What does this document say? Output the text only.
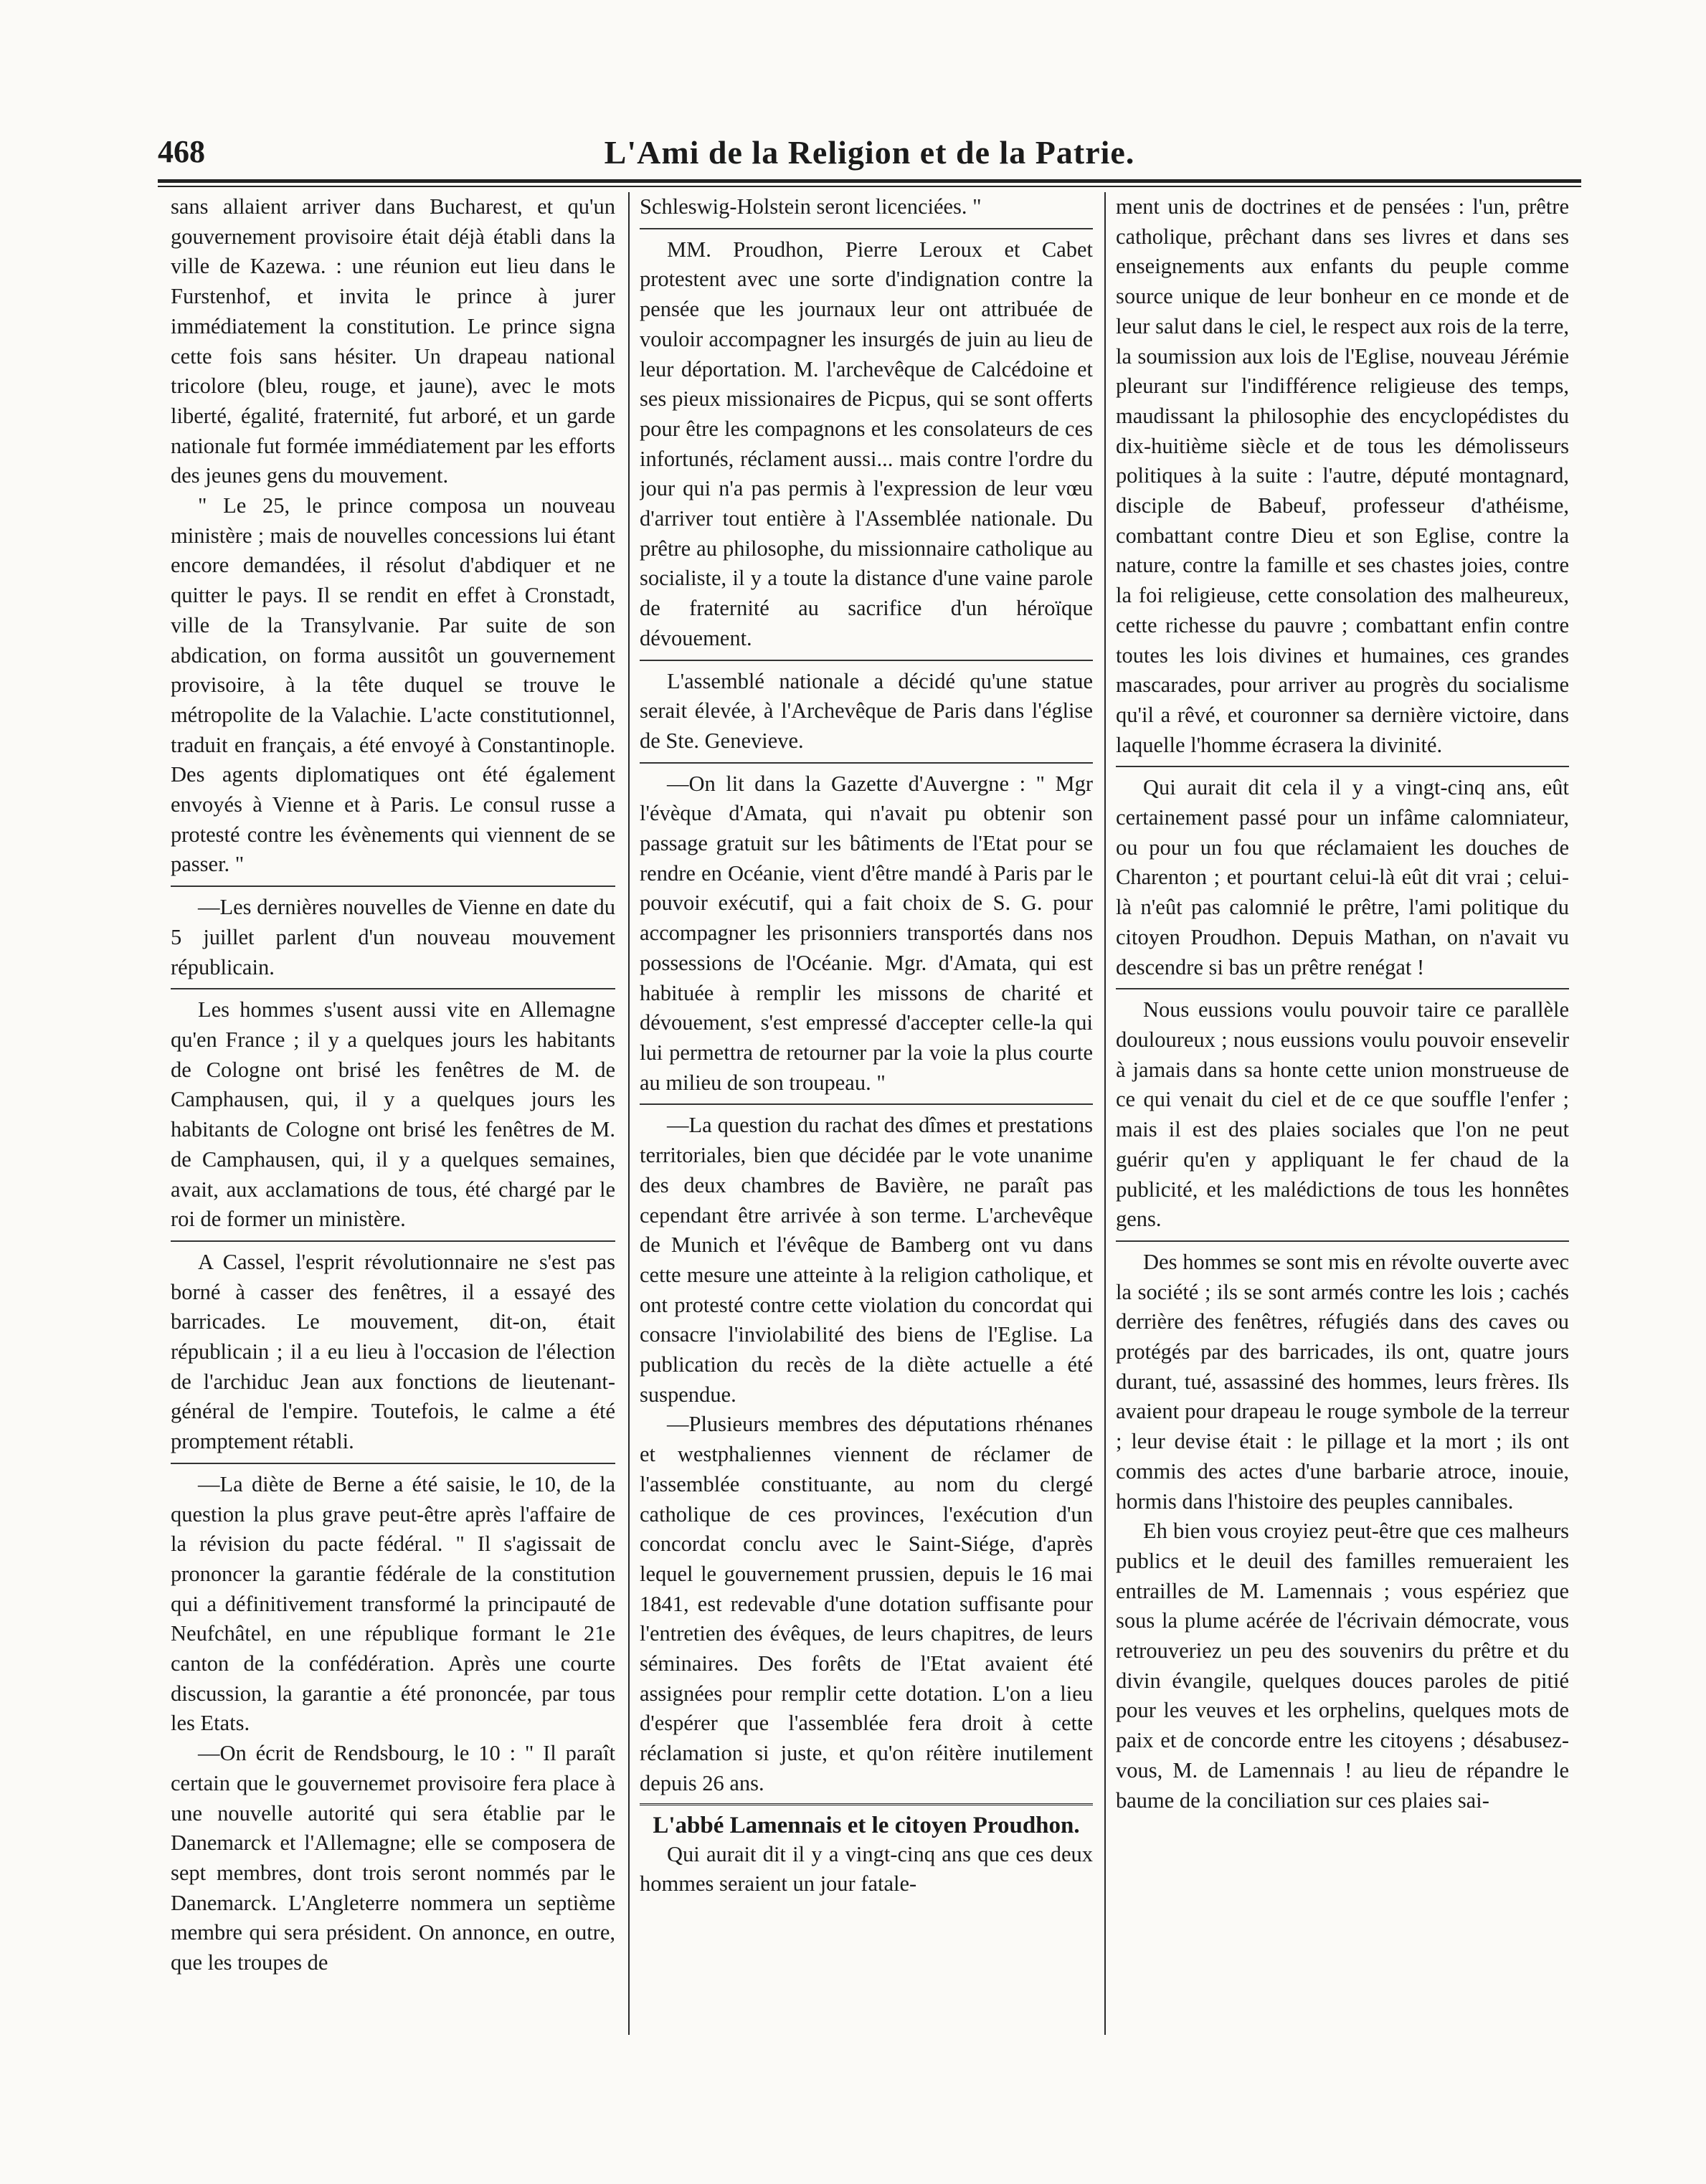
468	L'Ami de la Religion et de la Patrie.

sans allaient arriver dans Bucharest, et qu'un gouvernement provisoire était déjà établi dans la ville de Kazewa. : une réunion eut lieu dans le Furstenhof, et invita le prince à jurer immédiatement la constitution. Le prince signa cette fois sans hésiter. Un drapeau national tricolore (bleu, rouge, et jaune), avec le mots liberté, égalité, fraternité, fut arboré, et un garde nationale fut formée immédiatement par les efforts des jeunes gens du mouvement.

" Le 25, le prince composa un nouveau ministère ; mais de nouvelles concessions lui étant encore demandées, il résolut d'abdiquer et ne quitter le pays. Il se rendit en effet à Cronstadt, ville de la Transylvanie. Par suite de son abdication, on forma aussitôt un gouvernement provisoire, à la tête duquel se trouve le métropolite de la Valachie. L'acte constitutionnel, traduit en français, a été envoyé à Constantinople. Des agents diplomatiques ont été également envoyés à Vienne et à Paris. Le consul russe a protesté contre les évènements qui viennent de se passer. "

—Les dernières nouvelles de Vienne en date du 5 juillet parlent d'un nouveau mouvement républicain.

Les hommes s'usent aussi vite en Allemagne qu'en France ; il y a quelques jours les habitants de Cologne ont brisé les fenêtres de M. de Camphausen, qui, il y a quelques jours les habitants de Cologne ont brisé les fenêtres de M. de Camphausen, qui, il y a quelques semaines, avait, aux acclamations de tous, été chargé par le roi de former un ministère.

A Cassel, l'esprit révolutionnaire ne s'est pas borné à casser des fenêtres, il a essayé des barricades. Le mouvement, dit-on, était républicain ; il a eu lieu à l'occasion de l'élection de l'archiduc Jean aux fonctions de lieutenant-général de l'empire. Toutefois, le calme a été promptement rétabli.

—La diète de Berne a été saisie, le 10, de la question la plus grave peut-être après l'affaire de la révision du pacte fédéral. " Il s'agissait de prononcer la garantie fédérale de la constitution qui a définitivement transformé la principauté de Neufchâtel, en une république formant le 21e canton de la confédération. Après une courte discussion, la garantie a été prononcée, par tous les Etats.

—On écrit de Rendsbourg, le 10 : " Il paraît certain que le gouvernemet provisoire fera place à une nouvelle autorité qui sera établie par le Danemarck et l'Allemagne; elle se composera de sept membres, dont trois seront nommés par le Danemarck. L'Angleterre nommera un septième membre qui sera président. On annonce, en outre, que les troupes de

Schleswig-Holstein seront licenciées. "

MM. Proudhon, Pierre Leroux et Cabet protestent avec une sorte d'indignation contre la pensée que les journaux leur ont attribuée de vouloir accompagner les insurgés de juin au lieu de leur déportation. M. l'archevêque de Calcédoine et ses pieux missionaires de Picpus, qui se sont offerts pour être les compagnons et les consolateurs de ces infortunés, réclament aussi... mais contre l'ordre du jour qui n'a pas permis à l'expression de leur vœu d'arriver tout entière à l'Assemblée nationale. Du prêtre au philosophe, du missionnaire catholique au socialiste, il y a toute la distance d'une vaine parole de fraternité au sacrifice d'un héroïque dévouement.

L'assemblé nationale a décidé qu'une statue serait élevée, à l'Archevêque de Paris dans l'église de Ste. Genevieve.

—On lit dans la Gazette d'Auvergne : " Mgr l'évèque d'Amata, qui n'avait pu obtenir son passage gratuit sur les bâtiments de l'Etat pour se rendre en Océanie, vient d'être mandé à Paris par le pouvoir exécutif, qui a fait choix de S. G. pour accompagner les prisonniers transportés dans nos possessions de l'Océanie. Mgr. d'Amata, qui est habituée à remplir les missons de charité et dévouement, s'est empressé d'accepter celle-la qui lui permettra de retourner par la voie la plus courte au milieu de son troupeau. "

—La question du rachat des dîmes et prestations territoriales, bien que décidée par le vote unanime des deux chambres de Bavière, ne paraît pas cependant être arrivée à son terme. L'archevêque de Munich et l'évêque de Bamberg ont vu dans cette mesure une atteinte à la religion catholique, et ont protesté contre cette violation du concordat qui consacre l'inviolabilité des biens de l'Eglise. La publication du recès de la diète actuelle a été suspendue.

—Plusieurs membres des députations rhénanes et westphaliennes viennent de réclamer de l'assemblée constituante, au nom du clergé catholique de ces provinces, l'exécution d'un concordat conclu avec le Saint-Siége, d'après lequel le gouvernement prussien, depuis le 16 mai 1841, est redevable d'une dotation suffisante pour l'entretien des évêques, de leurs chapitres, de leurs séminaires. Des forêts de l'Etat avaient été assignées pour remplir cette dotation. L'on a lieu d'espérer que l'assemblée fera droit à cette réclamation si juste, et qu'on réitère inutilement depuis 26 ans.

L'abbé Lamennais et le citoyen Proudhon.

Qui aurait dit il y a vingt-cinq ans que ces deux hommes seraient un jour fatale-

ment unis de doctrines et de pensées : l'un, prêtre catholique, prêchant dans ses livres et dans ses enseignements aux enfants du peuple comme source unique de leur bonheur en ce monde et de leur salut dans le ciel, le respect aux rois de la terre, la soumission aux lois de l'Eglise, nouveau Jérémie pleurant sur l'indifférence religieuse des temps, maudissant la philosophie des encyclopédistes du dix-huitième siècle et de tous les démolisseurs politiques à la suite : l'autre, député montagnard, disciple de Babeuf, professeur d'athéisme, combattant contre Dieu et son Eglise, contre la nature, contre la famille et ses chastes joies, contre la foi religieuse, cette consolation des malheureux, cette richesse du pauvre ; combattant enfin contre toutes les lois divines et humaines, ces grandes mascarades, pour arriver au progrès du socialisme qu'il a rêvé, et couronner sa dernière victoire, dans laquelle l'homme écrasera la divinité.

Qui aurait dit cela il y a vingt-cinq ans, eût certainement passé pour un infâme calomniateur, ou pour un fou que réclamaient les douches de Charenton ; et pourtant celui-là eût dit vrai ; celui-là n'eût pas calomnié le prêtre, l'ami politique du citoyen Proudhon. Depuis Mathan, on n'avait vu descendre si bas un prêtre renégat !

Nous eussions voulu pouvoir taire ce parallèle douloureux ; nous eussions voulu pouvoir ensevelir à jamais dans sa honte cette union monstrueuse de ce qui venait du ciel et de ce que souffle l'enfer ; mais il est des plaies sociales que l'on ne peut guérir qu'en y appliquant le fer chaud de la publicité, et les malédictions de tous les honnêtes gens.

Des hommes se sont mis en révolte ouverte avec la société ; ils se sont armés contre les lois ; cachés derrière des fenêtres, réfugiés dans des caves ou protégés par des barricades, ils ont, quatre jours durant, tué, assassiné des hommes, leurs frères. Ils avaient pour drapeau le rouge symbole de la terreur ; leur devise était : le pillage et la mort ; ils ont commis des actes d'une barbarie atroce, inouie, hormis dans l'histoire des peuples cannibales.

Eh bien vous croyiez peut-être que ces malheurs publics et le deuil des familles remueraient les entrailles de M. Lamennais ; vous espériez que sous la plume acérée de l'écrivain démocrate, vous retrouveriez un peu des souvenirs du prêtre et du divin évangile, quelques douces paroles de pitié pour les veuves et les orphelins, quelques mots de paix et de concorde entre les citoyens ; désabusez-vous, M. de Lamennais ! au lieu de répandre le baume de la conciliation sur ces plaies sai-
